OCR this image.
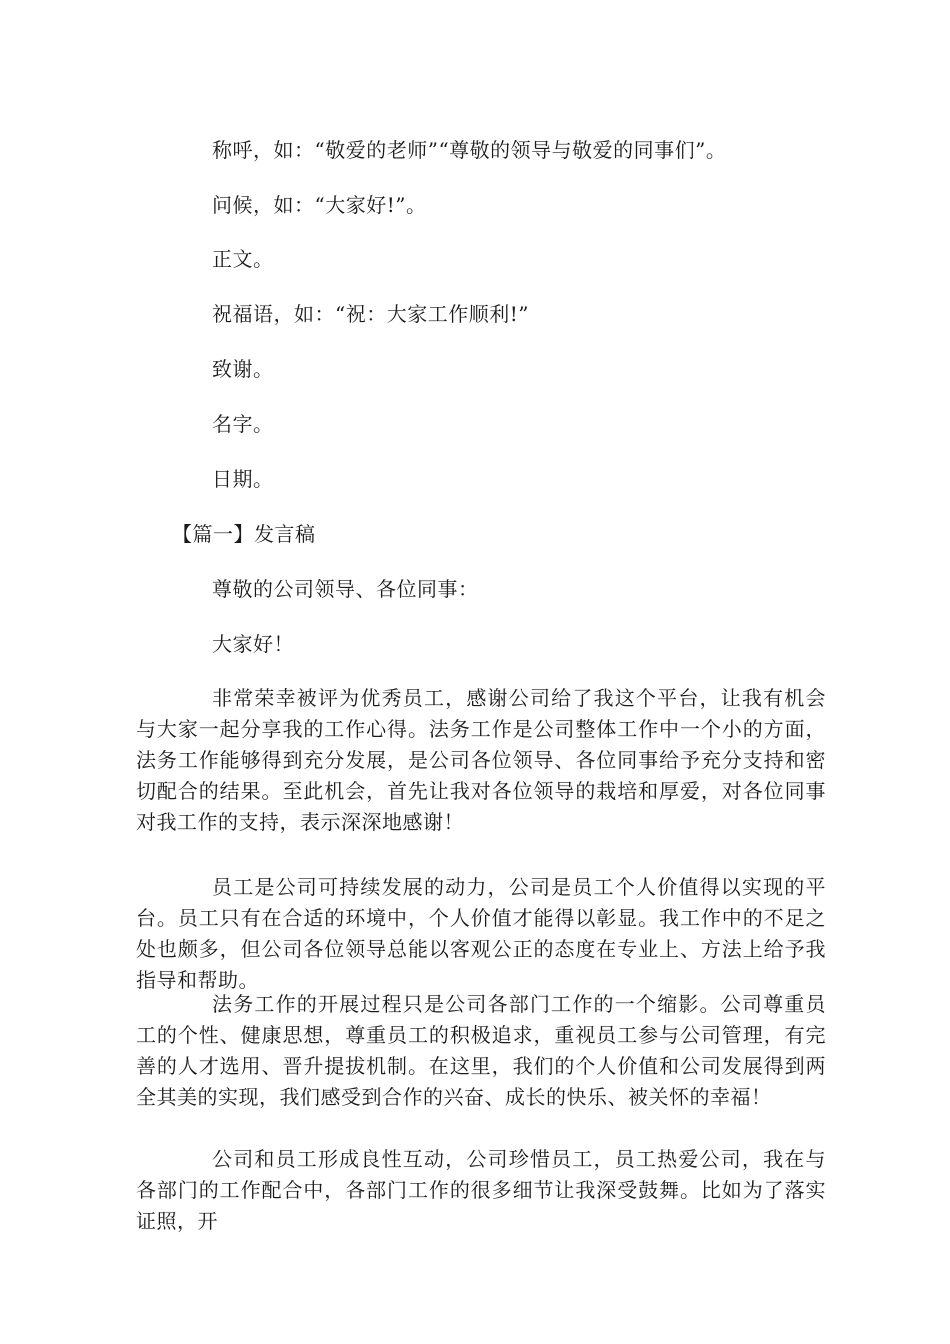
称呼，如：“敬爱的老师”“尊敬的领导与敬爱的同事们”。
问候，如：“大家好!”。
正文。
祝福语，如：“祝：大家工作顺利!”
致谢。
名字。
日期。
【篇一】发言稿
尊敬的公司领导、各位同事：
大家好！
非常荣幸被评为优秀员工，感谢公司给了我这个平台，让我有机会与大家一起分享我的工作心得。法务工作是公司整体工作中一个小的方面，法务工作能够得到充分发展，是公司各位领导、各位同事给予充分支持和密切配合的结果。至此机会，首先让我对各位领导的栽培和厚爱，对各位同事对我工作的支持，表示深深地感谢！
员工是公司可持续发展的动力，公司是员工个人价值得以实现的平台。员工只有在合适的环境中，个人价值才能得以彰显。我工作中的不足之处也颇多，但公司各位领导总能以客观公正的态度在专业上、方法上给予我指导和帮助。
法务工作的开展过程只是公司各部门工作的一个缩影。公司尊重员工的个性、健康思想，尊重员工的积极追求，重视员工参与公司管理，有完善的人才选用、晋升提拔机制。在这里，我们的个人价值和公司发展得到两全其美的实现，我们感受到合作的兴奋、成长的快乐、被关怀的幸福！
公司和员工形成良性互动，公司珍惜员工，员工热爱公司，我在与各部门的工作配合中，各部门工作的很多细节让我深受鼓舞。比如为了落实证照，开
